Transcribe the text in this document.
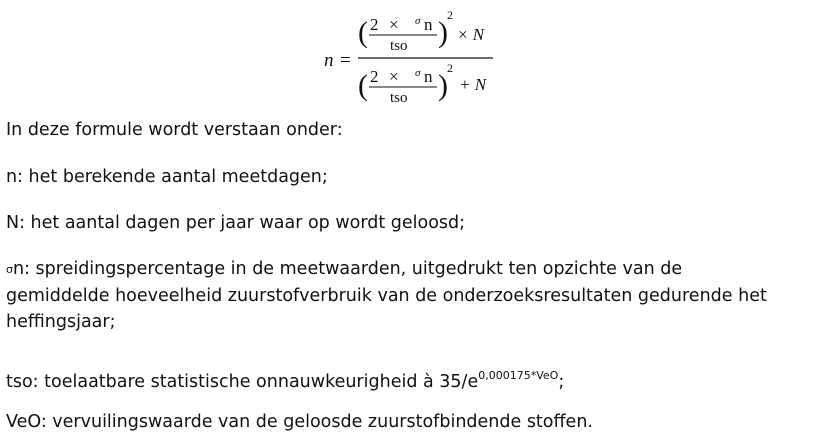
n =
( 2 × σ n
tso )
2
× N
( 2 × σ n
tso )
2
+ N

In deze formule wordt verstaan onder:

n: het berekende aantal meetdagen;

N: het aantal dagen per jaar waar op wordt geloosd;

σn: spreidingspercentage in de meetwaarden, uitgedrukt ten opzichte van de
gemiddelde hoeveelheid zuurstofverbruik van de onderzoeksresultaten gedurende het
heffingsjaar;

tso: toelaatbare statistische onnauwkeurigheid à $35/e^{0,000175*VeO}$;

VeO: vervuilingswaarde van de geloosde zuurstofbindende stoffen.
